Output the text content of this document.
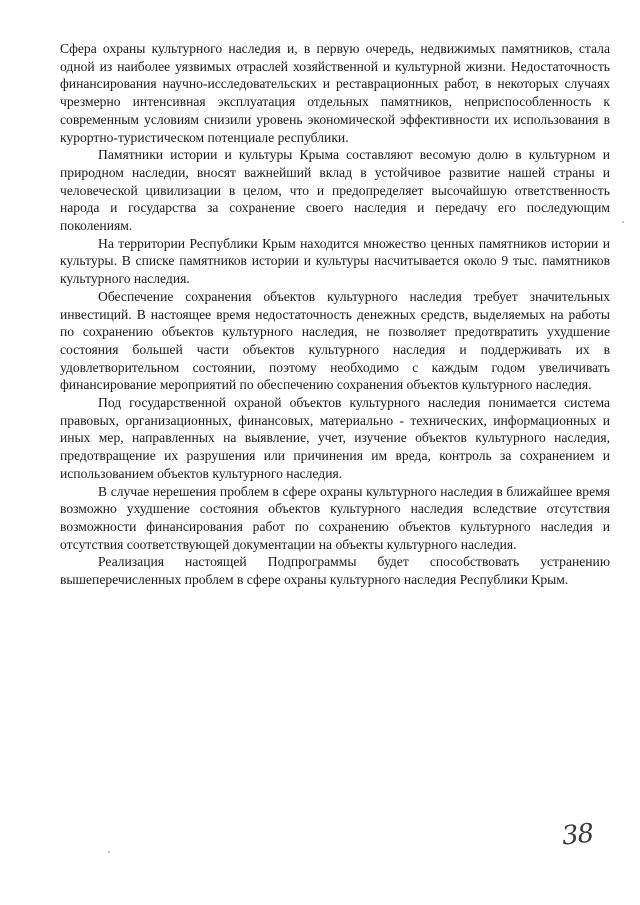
Сфера охраны культурного наследия и, в первую очередь, недвижимых памятников, стала одной из наиболее уязвимых отраслей хозяйственной и культурной жизни. Недостаточность финансирования научно-исследовательских и реставрационных работ, в некоторых случаях чрезмерно интенсивная эксплуатация отдельных памятников, неприспособленность к современным условиям снизили уровень экономической эффективности их использования в курортно-туристическом потенциале республики.

Памятники истории и культуры Крыма составляют весомую долю в культурном и природном наследии, вносят важнейший вклад в устойчивое развитие нашей страны и человеческой цивилизации в целом, что и предопределяет высочайшую ответственность народа и государства за сохранение своего наследия и передачу его последующим поколениям.

На территории Республики Крым находится множество ценных памятников истории и культуры. В списке памятников истории и культуры насчитывается около 9 тыс. памятников культурного наследия.

Обеспечение сохранения объектов культурного наследия требует значительных инвестиций. В настоящее время недостаточность денежных средств, выделяемых на работы по сохранению объектов культурного наследия, не позволяет предотвратить ухудшение состояния большей части объектов культурного наследия и поддерживать их в удовлетворительном состоянии, поэтому необходимо с каждым годом увеличивать финансирование мероприятий по обеспечению сохранения объектов культурного наследия.

Под государственной охраной объектов культурного наследия понимается система правовых, организационных, финансовых, материально - технических, информационных и иных мер, направленных на выявление, учет, изучение объектов культурного наследия, предотвращение их разрушения или причинения им вреда, контроль за сохранением и использованием объектов культурного наследия.

В случае нерешения проблем в сфере охраны культурного наследия в ближайшее время возможно ухудшение состояния объектов культурного наследия вследствие отсутствия возможности финансирования работ по сохранению объектов культурного наследия и отсутствия соответствующей документации на объекты культурного наследия.

Реализация настоящей Подпрограммы будет способствовать устранению вышеперечисленных проблем в сфере охраны культурного наследия Республики Крым.

38
